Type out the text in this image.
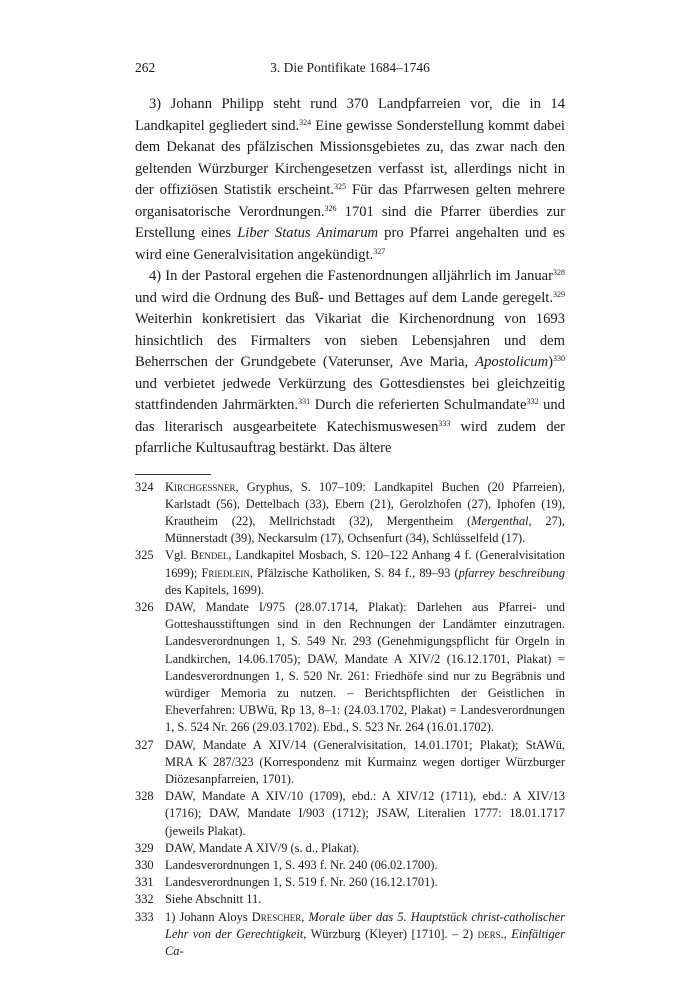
3. Die Pontifikate 1684–1746
262

3) Johann Philipp steht rund 370 Landpfarreien vor, die in 14 Landkapitel gegliedert sind.$^{324}$ Eine gewisse Sonderstellung kommt dabei dem Dekanat des pfälzischen Missionsgebietes zu, das zwar nach den geltenden Würzburger Kirchengesetzen verfasst ist, allerdings nicht in der offiziösen Statistik erscheint.$^{325}$ Für das Pfarrwesen gelten mehrere organisatorische Verordnungen.$^{326}$ 1701 sind die Pfarrer überdies zur Erstellung eines Liber Status Animarum pro Pfarrei angehalten und es wird eine Generalvisitation angekündigt.$^{327}$

4) In der Pastoral ergehen die Fastenordnungen alljährlich im Januar$^{328}$ und wird die Ordnung des Buß- und Bettages auf dem Lande geregelt.$^{329}$ Weiterhin konkretisiert das Vikariat die Kirchenordnung von 1693 hinsichtlich des Firmalters von sieben Lebensjahren und dem Beherrschen der Grundgebete (Vaterunser, Ave Maria, Apostolicum)$^{330}$ und verbietet jedwede Verkürzung des Gottesdienstes bei gleichzeitig stattfindenden Jahrmärkten.$^{331}$ Durch die referierten Schulmandate$^{332}$ und das literarisch ausgearbeitete Katechismuswesen$^{333}$ wird zudem der pfarrliche Kultusauftrag bestärkt. Das ältere

324 Kirchgessner, Gryphus, S. 107–109: Landkapitel Buchen (20 Pfarreien), Karlstadt (56), Dettelbach (33), Ebern (21), Gerolzhofen (27), Iphofen (19), Krautheim (22), Mellrichstadt (32), Mergentheim (Mergenthal, 27), Münnerstadt (39), Neckarsulm (17), Ochsenfurt (34), Schlüsselfeld (17).

325 Vgl. Bendel, Landkapitel Mosbach, S. 120–122 Anhang 4 f. (Generalvisitation 1699); Friedlein, Pfälzische Katholiken, S. 84 f., 89–93 (pfarrey beschreibung des Kapitels, 1699).

326 DAW, Mandate I/975 (28.07.1714, Plakat): Darlehen aus Pfarrei- und Gotteshausstiftungen sind in den Rechnungen der Landämter einzutragen. Landesverordnungen 1, S. 549 Nr. 293 (Genehmigungspflicht für Orgeln in Landkirchen, 14.06.1705); DAW, Mandate A XIV/2 (16.12.1701, Plakat) = Landesverordnungen 1, S. 520 Nr. 261: Friedhöfe sind nur zu Begräbnis und würdiger Memoria zu nutzen. – Berichtspflichten der Geistlichen in Eheverfahren: UBWü, Rp 13, 8–1: (24.03.1702, Plakat) = Landesverordnungen 1, S. 524 Nr. 266 (29.03.1702). Ebd., S. 523 Nr. 264 (16.01.1702).

327 DAW, Mandate A XIV/14 (Generalvisitation, 14.01.1701; Plakat); StAWü, MRA K 287/323 (Korrespondenz mit Kurmainz wegen dortiger Würzburger Diözesanpfarreien, 1701).

328 DAW, Mandate A XIV/10 (1709), ebd.: A XIV/12 (1711), ebd.: A XIV/13 (1716); DAW, Mandate I/903 (1712); JSAW, Literalien 1777: 18.01.1717 (jeweils Plakat).

329 DAW, Mandate A XIV/9 (s. d., Plakat).

330 Landesverordnungen 1, S. 493 f. Nr. 240 (06.02.1700).

331 Landesverordnungen 1, S. 519 f. Nr. 260 (16.12.1701).

332 Siehe Abschnitt 11.

333 1) Johann Aloys Drescher, Morale über das 5. Hauptstück christ-catholischer Lehr von der Gerechtigkeit, Würzburg (Kleyer) [1710]. – 2) ders., Einfältiger Ca-
